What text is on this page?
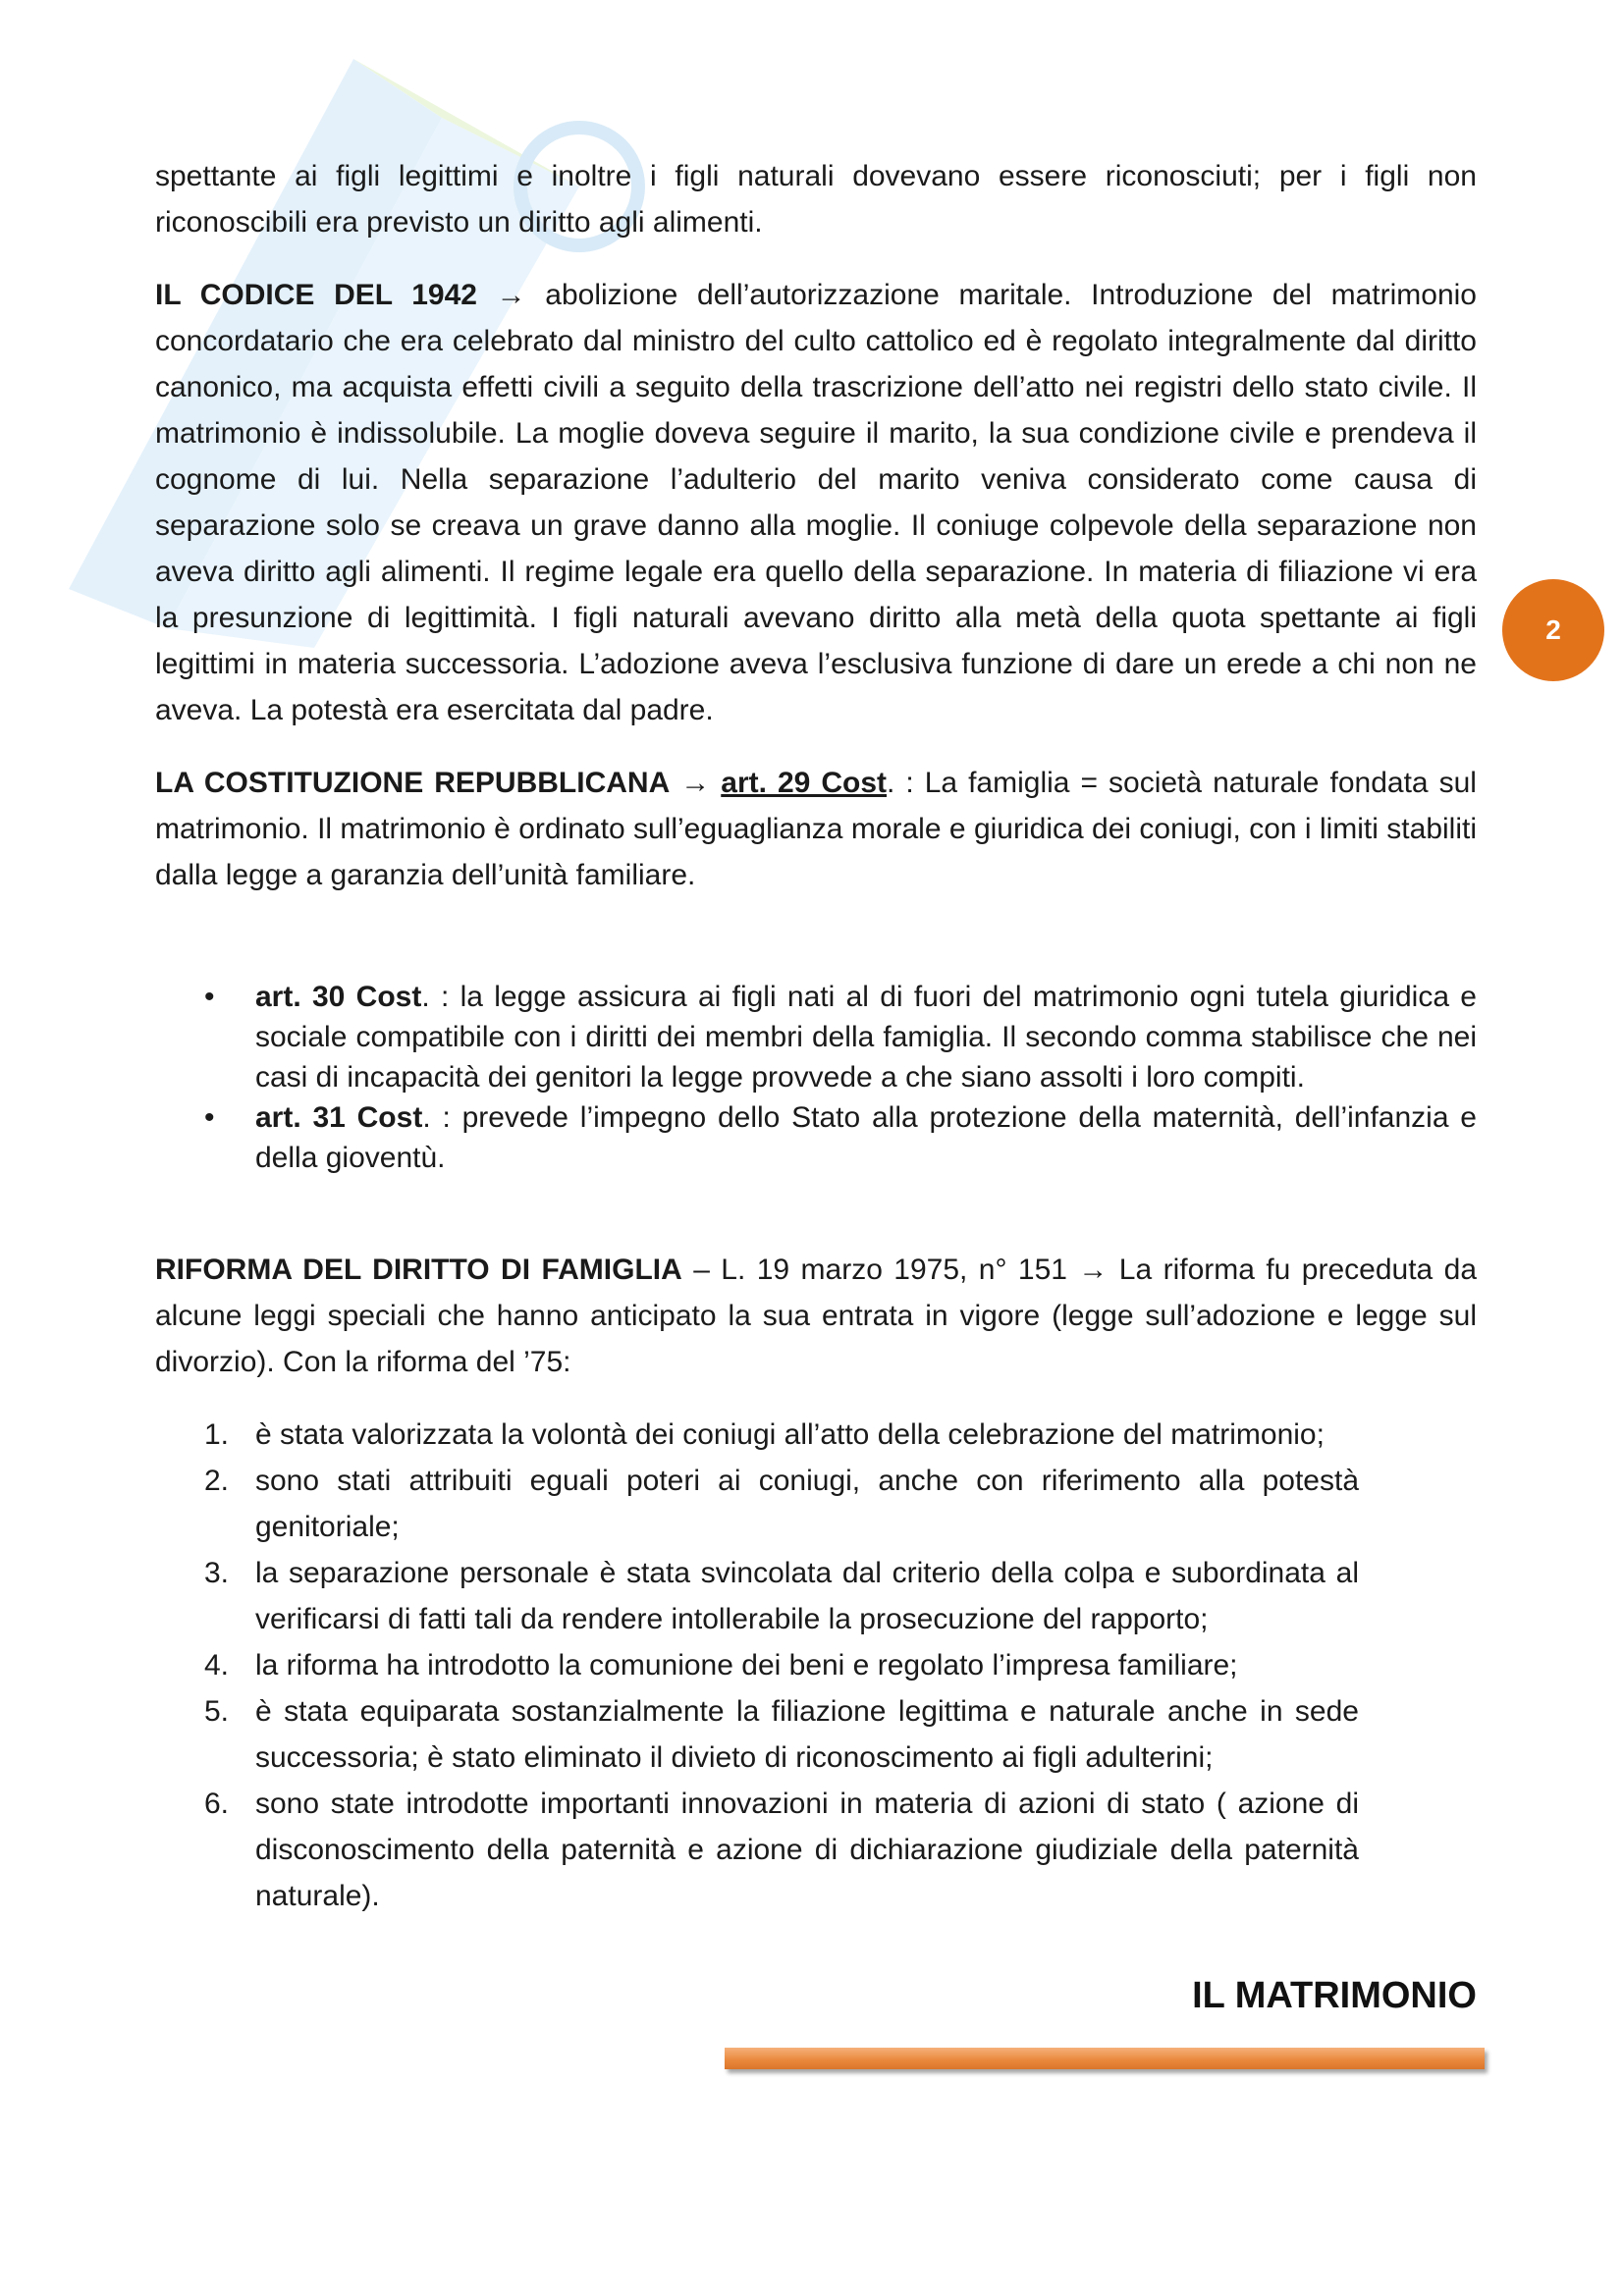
2

spettante ai figli legittimi e inoltre i figli naturali dovevano essere riconosciuti; per i figli non riconoscibili era previsto un diritto agli alimenti.

IL CODICE DEL 1942 → abolizione dell’autorizzazione maritale. Introduzione del matrimonio concordatario che era celebrato dal ministro del culto cattolico ed è regolato integralmente dal diritto canonico, ma acquista effetti civili a seguito della trascrizione dell’atto nei registri dello stato civile. Il matrimonio è indissolubile. La moglie doveva seguire il marito, la sua condizione civile e prendeva il cognome di lui. Nella separazione l’adulterio del marito veniva considerato come causa di separazione solo se creava un grave danno alla moglie. Il coniuge colpevole della separazione non aveva diritto agli alimenti. Il regime legale era quello della separazione. In materia di filiazione vi era la presunzione di legittimità. I figli naturali avevano diritto alla metà della quota spettante ai figli legittimi in materia successoria. L’adozione aveva l’esclusiva funzione di dare un erede a chi non ne aveva. La potestà era esercitata dal padre.

LA COSTITUZIONE REPUBBLICANA → art. 29 Cost. : La famiglia = società naturale fondata sul matrimonio. Il matrimonio è ordinato sull’eguaglianza morale e giuridica dei coniugi, con i limiti stabiliti dalla legge a garanzia dell’unità familiare.

• art. 30 Cost. : la legge assicura ai figli nati al di fuori del matrimonio ogni tutela giuridica e sociale compatibile con i diritti dei membri della famiglia. Il secondo comma stabilisce che nei casi di incapacità dei genitori la legge provvede a che siano assolti i loro compiti.
• art. 31 Cost. : prevede l’impegno dello Stato alla protezione della maternità, dell’infanzia e della gioventù.

RIFORMA DEL DIRITTO DI FAMIGLIA – L. 19 marzo 1975, n° 151 → La riforma fu preceduta da alcune leggi speciali che hanno anticipato la sua entrata in vigore (legge sull’adozione e legge sul divorzio). Con la riforma del ’75:

1. è stata valorizzata la volontà dei coniugi all’atto della celebrazione del matrimonio;
2. sono stati attribuiti eguali poteri ai coniugi, anche con riferimento alla potestà genitoriale;
3. la separazione personale è stata svincolata dal criterio della colpa e subordinata al verificarsi di fatti tali da rendere intollerabile la prosecuzione del rapporto;
4. la riforma ha introdotto la comunione dei beni e regolato l’impresa familiare;
5. è stata equiparata sostanzialmente la filiazione legittima e naturale anche in sede successoria; è stato eliminato il divieto di riconoscimento ai figli adulterini;
6. sono state introdotte importanti innovazioni in materia di azioni di stato ( azione di disconoscimento della paternità e azione di dichiarazione giudiziale della paternità naturale).
IL MATRIMONIO
